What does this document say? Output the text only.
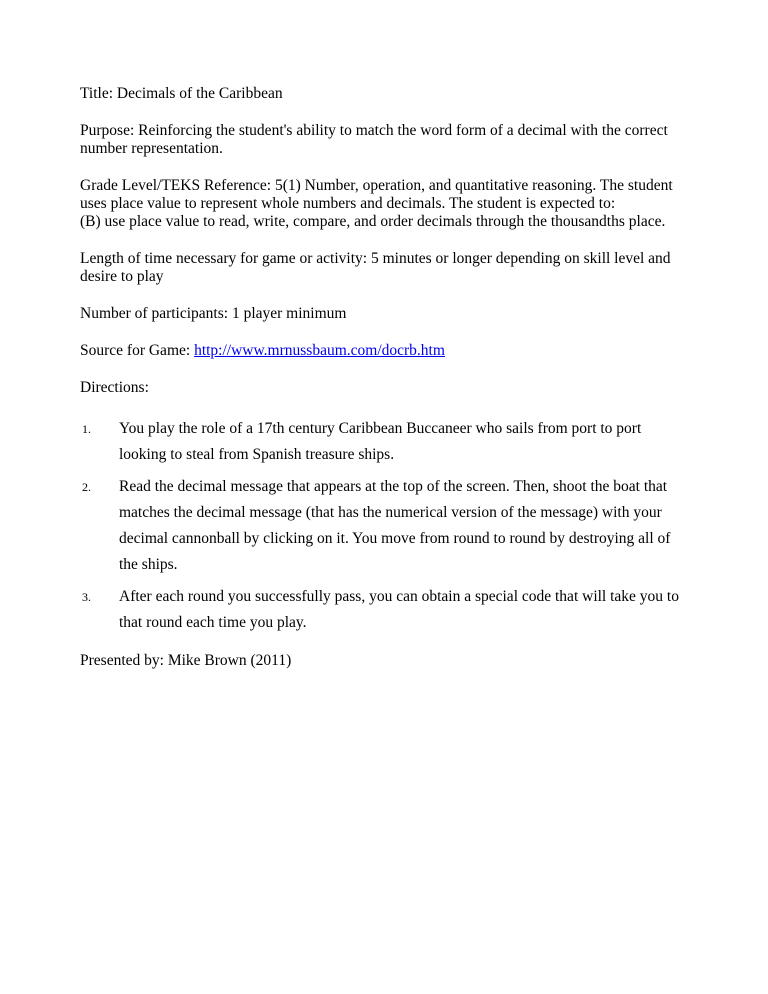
Title: Decimals of the Caribbean

Purpose: Reinforcing the student's ability to match the word form of a decimal with the correct number representation.

Grade Level/TEKS Reference: 5(1) Number, operation, and quantitative reasoning. The student uses place value to represent whole numbers and decimals. The student is expected to:
(B) use place value to read, write, compare, and order decimals through the thousandths place.

Length of time necessary for game or activity: 5 minutes or longer depending on skill level and desire to play

Number of participants: 1 player minimum

Source for Game: http://www.mrnussbaum.com/docrb.htm

Directions:

1.	You play the role of a 17th century Caribbean Buccaneer who sails from port to port looking to steal from Spanish treasure ships.
2.	Read the decimal message that appears at the top of the screen. Then, shoot the boat that matches the decimal message (that has the numerical version of the message) with your decimal cannonball by clicking on it. You move from round to round by destroying all of the ships.
3.	After each round you successfully pass, you can obtain a special code that will take you to that round each time you play.

Presented by: Mike Brown (2011)
